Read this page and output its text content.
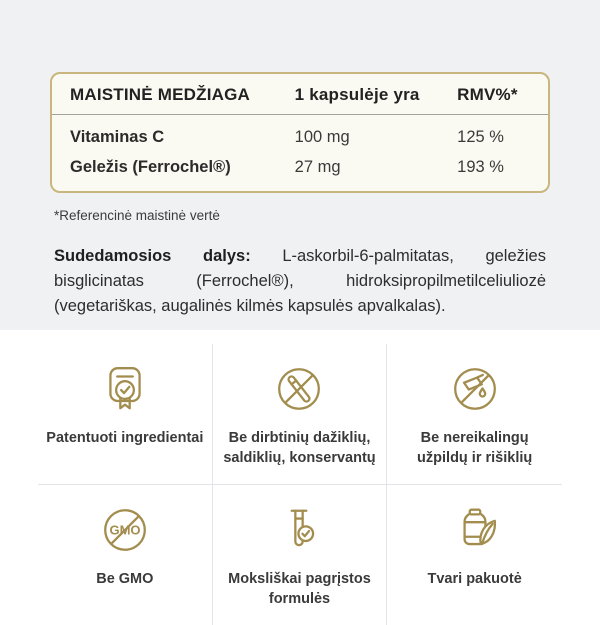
MAISTINĖ MEDŽIAGA	1 kapsulėje yra	RMV%*
Vitaminas C	100 mg	125 %
Geležis (Ferrochel®)	27 mg	193 %

*Referencinė maistinė vertė

Sudedamosios dalys: L-askorbil-6-palmitatas, geležies bisglicinatas (Ferrochel®), hidroksipropilmetilceliuliozė (vegetariškas, augalinės kilmės kapsulės apvalkalas).

Patentuoti ingredientai	Be dirbtinių dažiklių, saldiklių, konservantų
Be nereikalingų užpildų ir rišiklių
GMO
Be GMO	Moksliškai pagrįstos formulės
Tvari pakuotė
